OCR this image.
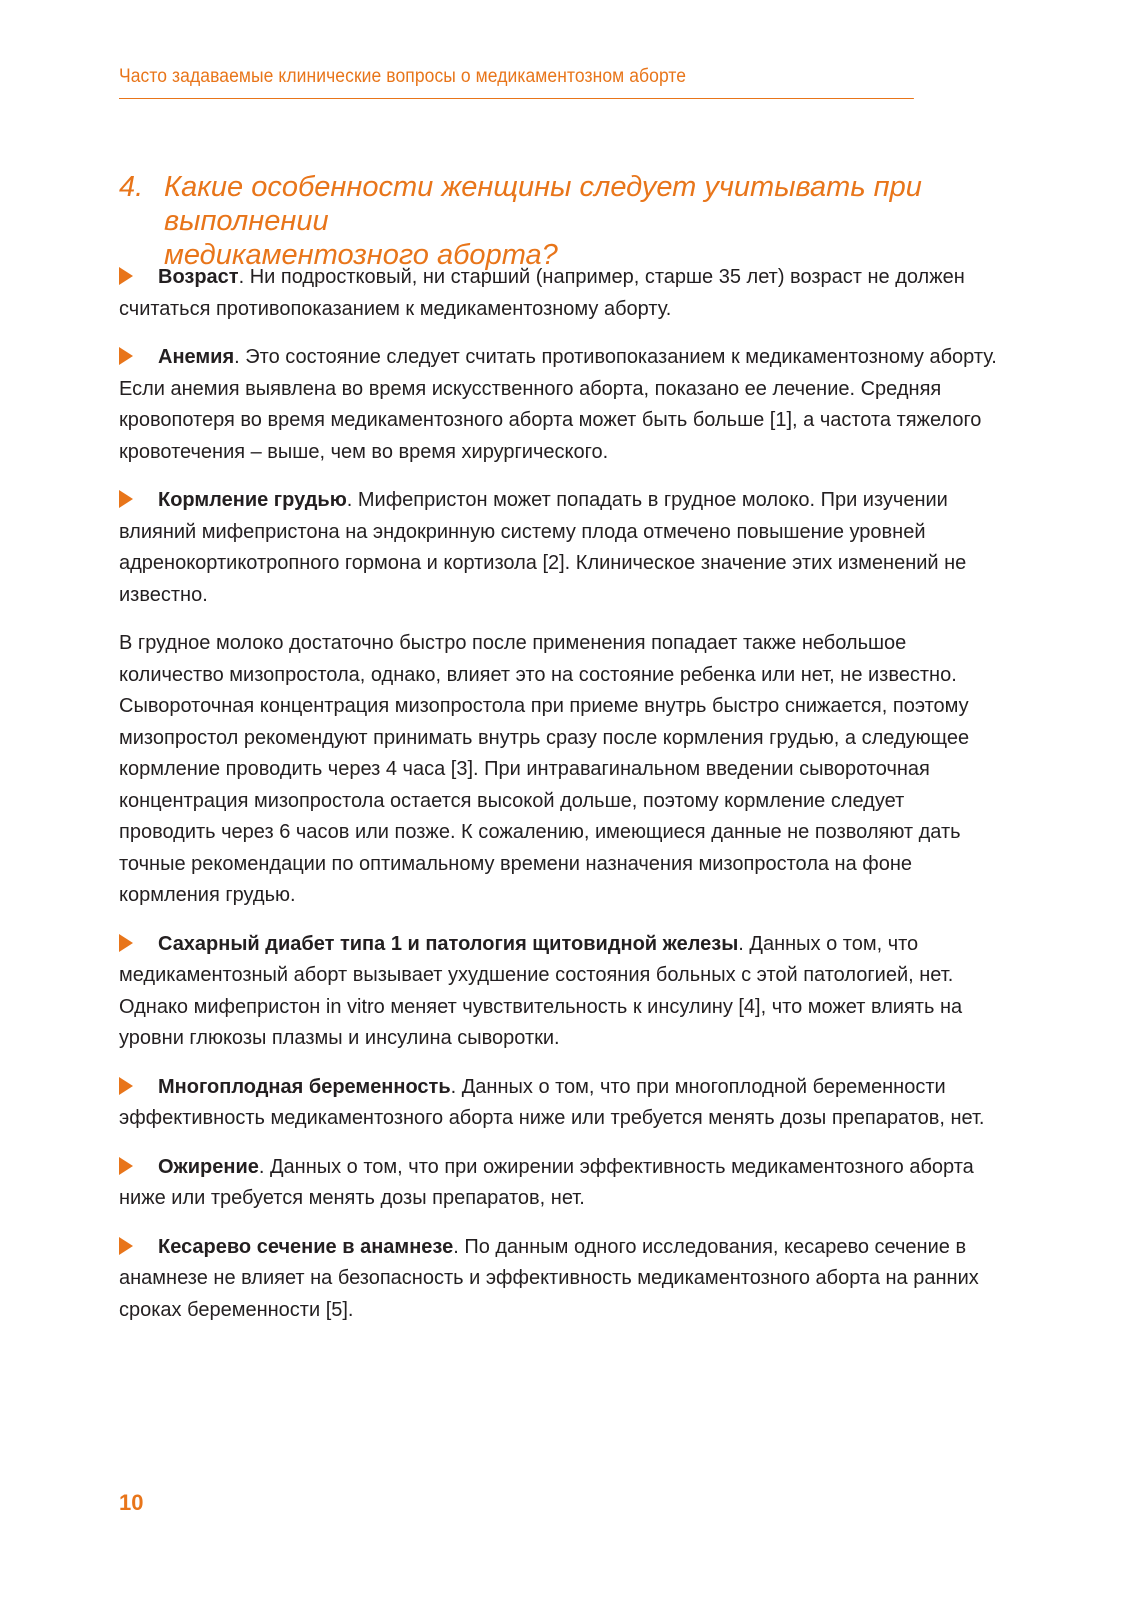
Часто задаваемые клинические вопросы о медикаментозном аборте
4. Какие особенности женщины следует учитывать при выполнении
медикаментозного аборта?

Возраст. Ни подростковый, ни старший (например, старше 35 лет) возраст не должен считаться противопоказанием к медикаментозному аборту.

Анемия. Это состояние следует считать противопоказанием к медикаментозному аборту. Если анемия выявлена во время искусственного аборта, показано ее лечение. Средняя кровопотеря во время медикаментозного аборта может быть больше [1], а частота тяжелого кровотечения – выше, чем во время хирургического.

Кормление грудью. Мифепристон может попадать в грудное молоко. При изучении влияний мифепристона на эндокринную систему плода отмечено повышение уровней адренокортикотропного гормона и кортизола [2]. Клиническое значение этих изменений не известно.

В грудное молоко достаточно быстро после применения попадает также небольшое количество мизопростола, однако, влияет это на состояние ребенка или нет, не известно. Сывороточная концентрация мизопростола при приеме внутрь быстро снижается, поэтому мизопростол рекомендуют принимать внутрь сразу после кормления грудью, а следующее кормление проводить через 4 часа [3]. При интравагинальном введении сывороточная концентрация мизопростола остается высокой дольше, поэтому кормление следует проводить через 6 часов или позже. К сожалению, имеющиеся данные не позволяют дать точные рекомендации по оптимальному времени назначения мизопростола на фоне кормления грудью.

Сахарный диабет типа 1 и патология щитовидной железы. Данных о том, что медикаментозный аборт вызывает ухудшение состояния больных с этой патологией, нет. Однако мифепристон in vitro меняет чувствительность к инсулину [4], что может влиять на уровни глюкозы плазмы и инсулина сыворотки.

Многоплодная беременность. Данных о том, что при многоплодной беременности эффективность медикаментозного аборта ниже или требуется менять дозы препаратов, нет.

Ожирение. Данных о том, что при ожирении эффективность медикаментозного аборта ниже или требуется менять дозы препаратов, нет.

Кесарево сечение в анамнезе. По данным одного исследования, кесарево сечение в анамнезе не влияет на безопасность и эффективность медикаментозного аборта на ранних сроках беременности [5].

10
